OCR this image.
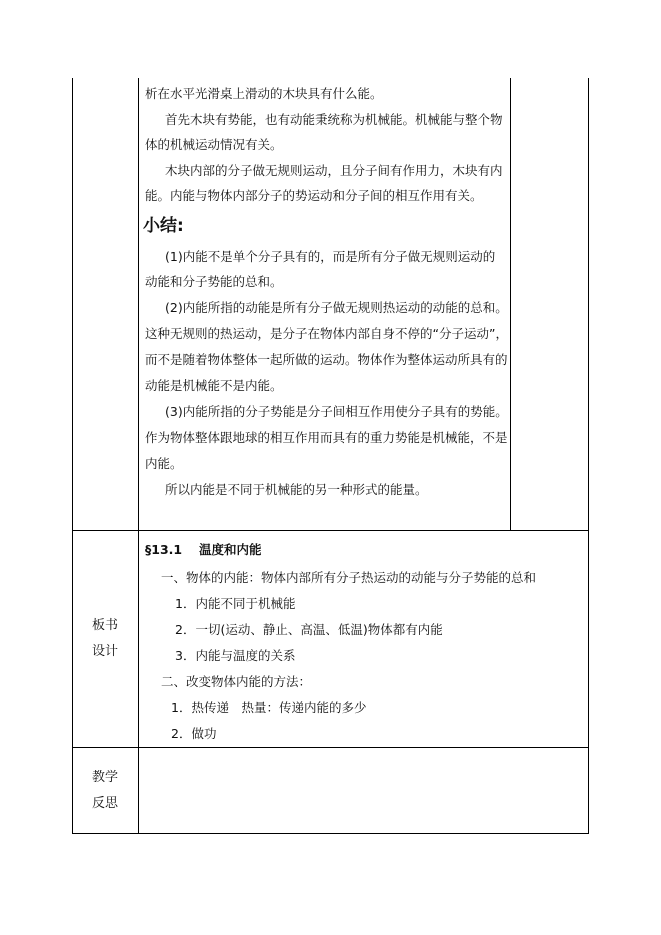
析在水平光滑桌上滑动的木块具有什么能。
首先木块有势能，也有动能秉统称为机械能。机械能与整个物
体的机械运动情况有关。
木块内部的分子做无规则运动，且分子间有作用力，木块有内
能。内能与物体内部分子的势运动和分子间的相互作用有关。
小结:
(1)内能不是单个分子具有的，而是所有分子做无规则运动的
动能和分子势能的总和。
(2)内能所指的动能是所有分子做无规则热运动的动能的总和。
这种无规则的热运动，是分子在物体内部自身不停的“分子运动”，
而不是随着物体整体一起所做的运动。物体作为整体运动所具有的
动能是机械能不是内能。
(3)内能所指的分子势能是分子间相互作用使分子具有的势能。
作为物体整体跟地球的相互作用而具有的重力势能是机械能，不是
内能。
所以内能是不同于机械能的另一种形式的能量。
板书
设计
§13.1　 温度和内能
一、物体的内能：物体内部所有分子热运动的动能与分子势能的总和
1．内能不同于机械能
2．一切(运动、静止、高温、低温)物体都有内能
3．内能与温度的关系
二、改变物体内能的方法：
1．热传递　热量：传递内能的多少
2．做功
教学
反思
